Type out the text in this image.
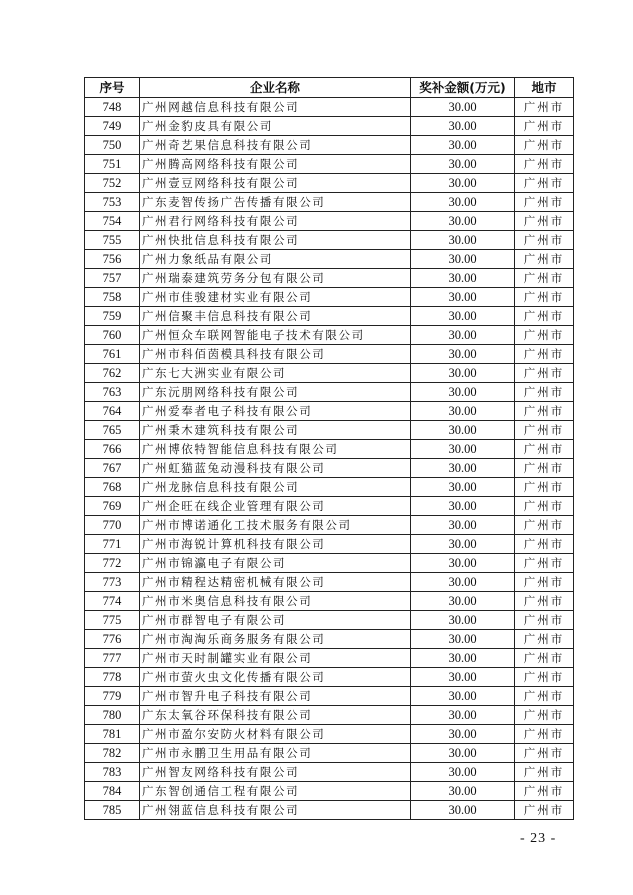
序号	企业名称	奖补金额(万元)	地市
748	广州网越信息科技有限公司	30.00	广州市
749	广州金豹皮具有限公司	30.00	广州市
750	广州奇艺果信息科技有限公司	30.00	广州市
751	广州腾高网络科技有限公司	30.00	广州市
752	广州壹豆网络科技有限公司	30.00	广州市
753	广东麦智传扬广告传播有限公司	30.00	广州市
754	广州君行网络科技有限公司	30.00	广州市
755	广州快批信息科技有限公司	30.00	广州市
756	广州力象纸品有限公司	30.00	广州市
757	广州瑞泰建筑劳务分包有限公司	30.00	广州市
758	广州市佳骏建材实业有限公司	30.00	广州市
759	广州信聚丰信息科技有限公司	30.00	广州市
760	广州恒众车联网智能电子技术有限公司	30.00	广州市
761	广州市科佰茵模具科技有限公司	30.00	广州市
762	广东七大洲实业有限公司	30.00	广州市
763	广东沅朋网络科技有限公司	30.00	广州市
764	广州爱奉者电子科技有限公司	30.00	广州市
765	广州秉木建筑科技有限公司	30.00	广州市
766	广州博依特智能信息科技有限公司	30.00	广州市
767	广州虹猫蓝兔动漫科技有限公司	30.00	广州市
768	广州龙脉信息科技有限公司	30.00	广州市
769	广州企旺在线企业管理有限公司	30.00	广州市
770	广州市博诺通化工技术服务有限公司	30.00	广州市
771	广州市海锐计算机科技有限公司	30.00	广州市
772	广州市锦瀛电子有限公司	30.00	广州市
773	广州市精程达精密机械有限公司	30.00	广州市
774	广州市米奥信息科技有限公司	30.00	广州市
775	广州市群智电子有限公司	30.00	广州市
776	广州市淘淘乐商务服务有限公司	30.00	广州市
777	广州市天时制罐实业有限公司	30.00	广州市
778	广州市萤火虫文化传播有限公司	30.00	广州市
779	广州市智升电子科技有限公司	30.00	广州市
780	广东太氧谷环保科技有限公司	30.00	广州市
781	广州市盈尔安防火材料有限公司	30.00	广州市
782	广州市永鹏卫生用品有限公司	30.00	广州市
783	广州智友网络科技有限公司	30.00	广州市
784	广东智创通信工程有限公司	30.00	广州市
785	广州翎蓝信息科技有限公司	30.00	广州市
- 23 -
